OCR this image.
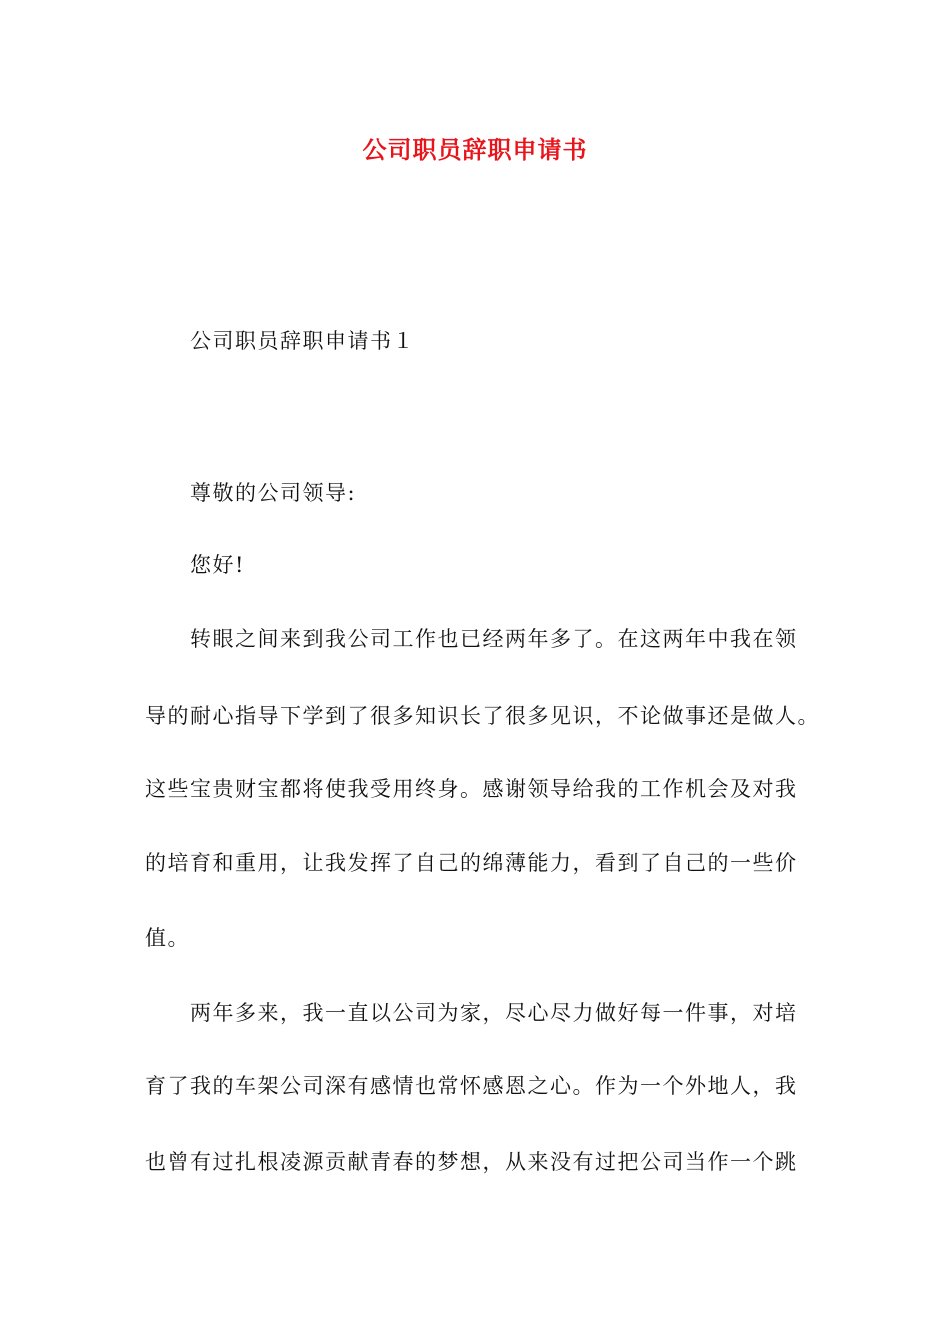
公司职员辞职申请书
公司职员辞职申请书１
尊敬的公司领导:
您好!
转眼之间来到我公司工作也已经两年多了。在这两年中我在领
导的耐心指导下学到了很多知识长了很多见识，不论做事还是做人。
这些宝贵财宝都将使我受用终身。感谢领导给我的工作机会及对我
的培育和重用，让我发挥了自己的绵薄能力，看到了自己的一些价
值。
两年多来，我一直以公司为家，尽心尽力做好每一件事，对培
育了我的车架公司深有感情也常怀感恩之心。作为一个外地人，我
也曾有过扎根凌源贡献青春的梦想，从来没有过把公司当作一个跳
